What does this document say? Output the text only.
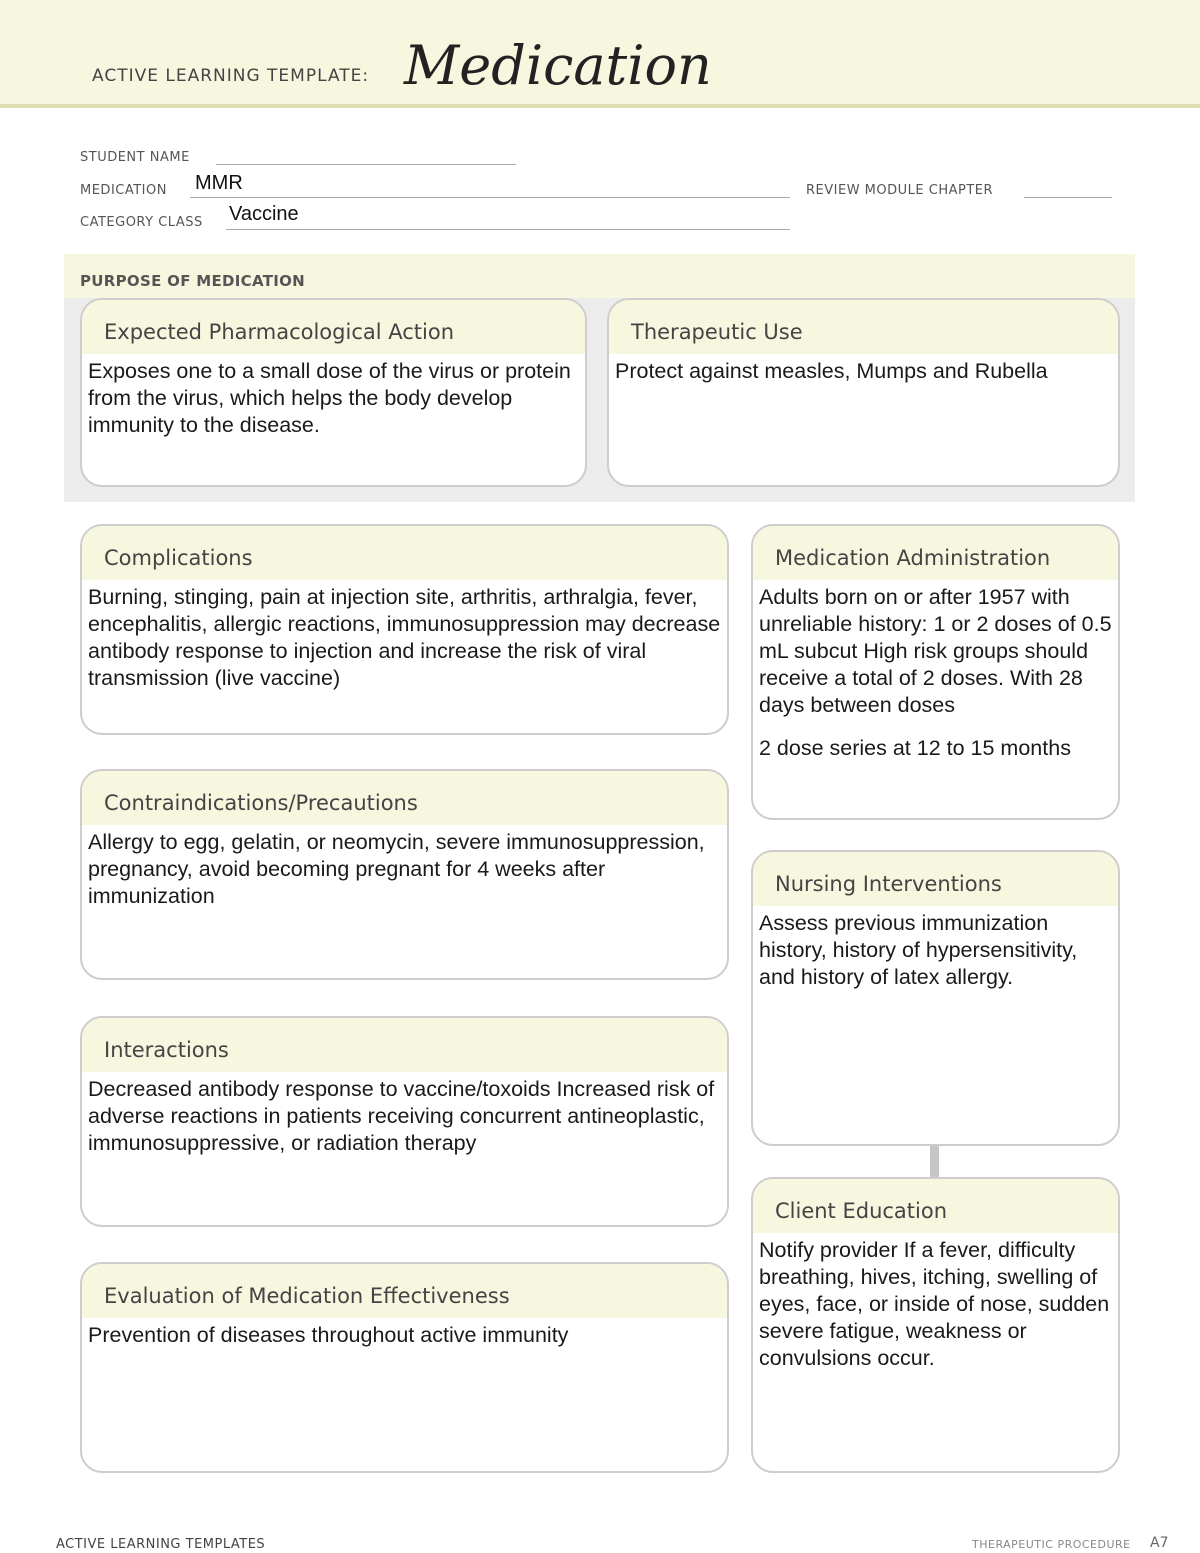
ACTIVE LEARNING TEMPLATE: Medication
STUDENT NAME
MEDICATION MMR	REVIEW MODULE CHAPTER
CATEGORY CLASS Vaccine
PURPOSE OF MEDICATION
Expected Pharmacological Action
Exposes one to a small dose of the virus or protein from the virus, which helps the body develop immunity to the disease.
Therapeutic Use
Protect against measles, Mumps and Rubella
Complications
Burning, stinging, pain at injection site, arthritis, arthralgia, fever, encephalitis, allergic reactions, immunosuppression may decrease antibody response to injection and increase the risk of viral transmission (live vaccine)
Contraindications/Precautions
Allergy to egg, gelatin, or neomycin, severe immunosuppression, pregnancy, avoid becoming pregnant for 4 weeks after immunization
Interactions
Decreased antibody response to vaccine/toxoids Increased risk of adverse reactions in patients receiving concurrent antineoplastic, immunosuppressive, or radiation therapy
Evaluation of Medication Effectiveness
Prevention of diseases throughout active immunity
Medication Administration
Adults born on or after 1957 with unreliable history: 1 or 2 doses of 0.5 mL subcut High risk groups should receive a total of 2 doses. With 28 days between doses
2 dose series at 12 to 15 months
Nursing Interventions
Assess previous immunization history, history of hypersensitivity, and history of latex allergy.
Client Education
Notify provider If a fever, difficulty breathing, hives, itching, swelling of eyes, face, or inside of nose, sudden severe fatigue, weakness or convulsions occur.
ACTIVE LEARNING TEMPLATES	THERAPEUTIC PROCEDURE A7
